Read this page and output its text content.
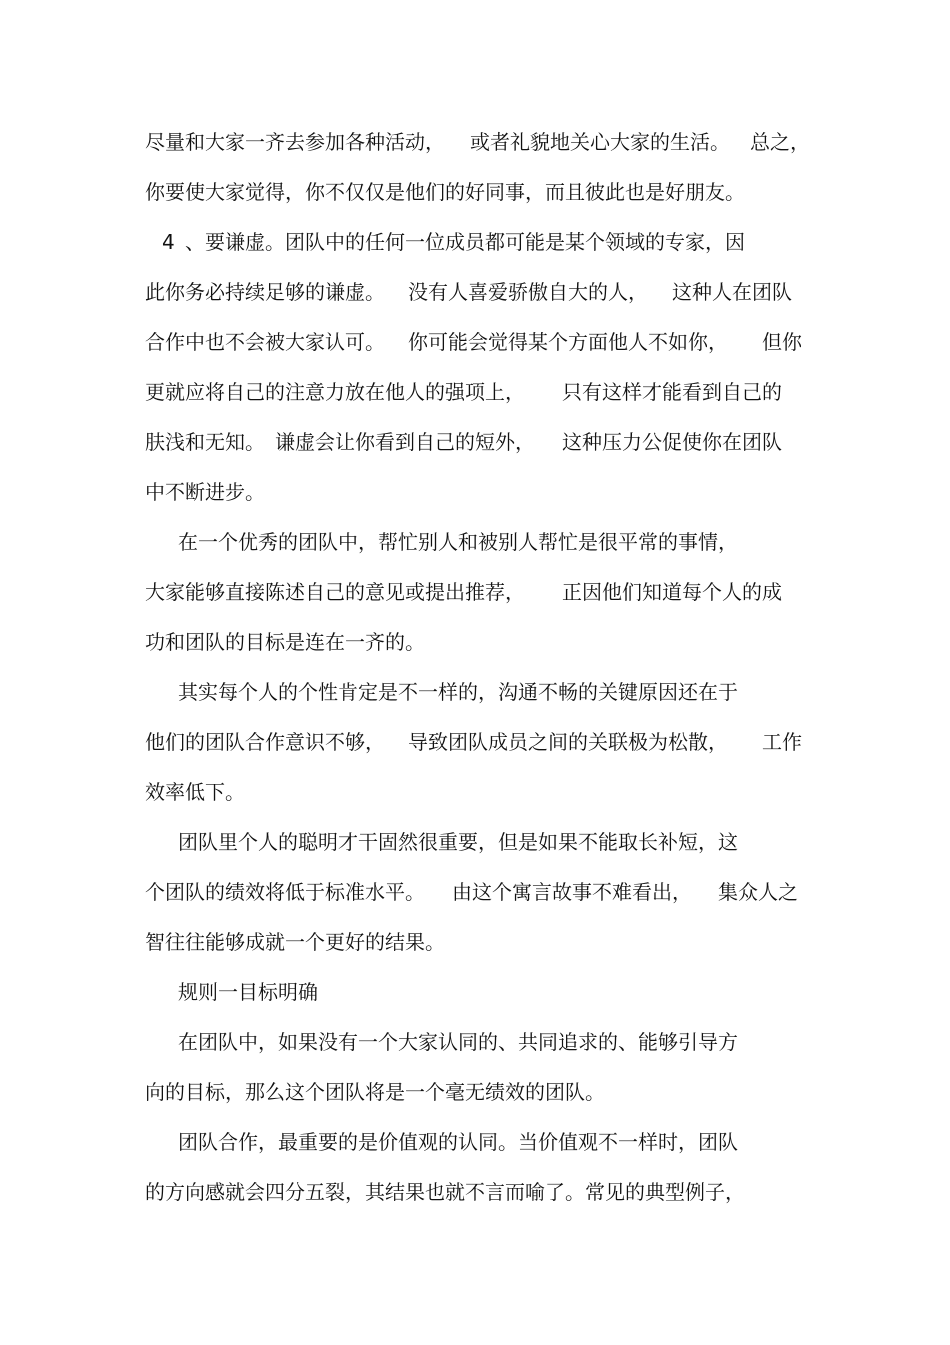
尽量和大家一齐去参加各种活动， 或者礼貌地关心大家的生活。 总之，
你要使大家觉得，你不仅仅是他们的好同事，而且彼此也是好朋友。
4 、要谦虚。团队中的任何一位成员都可能是某个领域的专家，因
此你务必持续足够的谦虚。 没有人喜爱骄傲自大的人， 这种人在团队
合作中也不会被大家认可。 你可能会觉得某个方面他人不如你， 但你
更就应将自己的注意力放在他人的强项上， 只有这样才能看到自己的
肤浅和无知。 谦虚会让你看到自己的短外， 这种压力公促使你在团队
中不断进步。
在一个优秀的团队中，帮忙别人和被别人帮忙是很平常的事情，
大家能够直接陈述自己的意见或提出推荐， 正因他们知道每个人的成
功和团队的目标是连在一齐的。
其实每个人的个性肯定是不一样的，沟通不畅的关键原因还在于
他们的团队合作意识不够， 导致团队成员之间的关联极为松散， 工作
效率低下。
团队里个人的聪明才干固然很重要，但是如果不能取长补短，这
个团队的绩效将低于标准水平。 由这个寓言故事不难看出， 集众人之
智往往能够成就一个更好的结果。
规则一目标明确
在团队中，如果没有一个大家认同的、共同追求的、能够引导方
向的目标，那么这个团队将是一个毫无绩效的团队。
团队合作，最重要的是价值观的认同。当价值观不一样时，团队
的方向感就会四分五裂，其结果也就不言而喻了。常见的典型例子，
